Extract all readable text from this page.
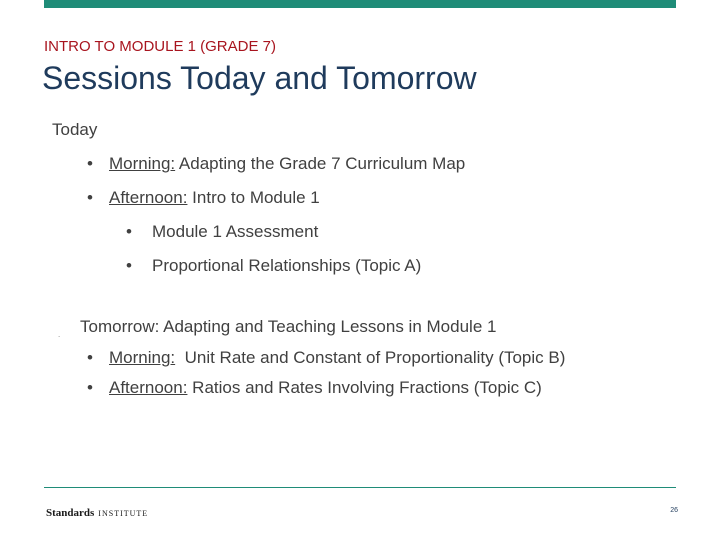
INTRO TO MODULE 1 (GRADE 7)
Sessions Today and Tomorrow
Today
• Morning: Adapting the Grade 7 Curriculum Map
• Afternoon: Intro to Module 1
• Module 1 Assessment
• Proportional Relationships (Topic A)
. Tomorrow: Adapting and Teaching Lessons in Module 1
• Morning:  Unit Rate and Constant of Proportionality (Topic B)
• Afternoon: Ratios and Rates Involving Fractions (Topic C)
Standards INSTITUTE	26
